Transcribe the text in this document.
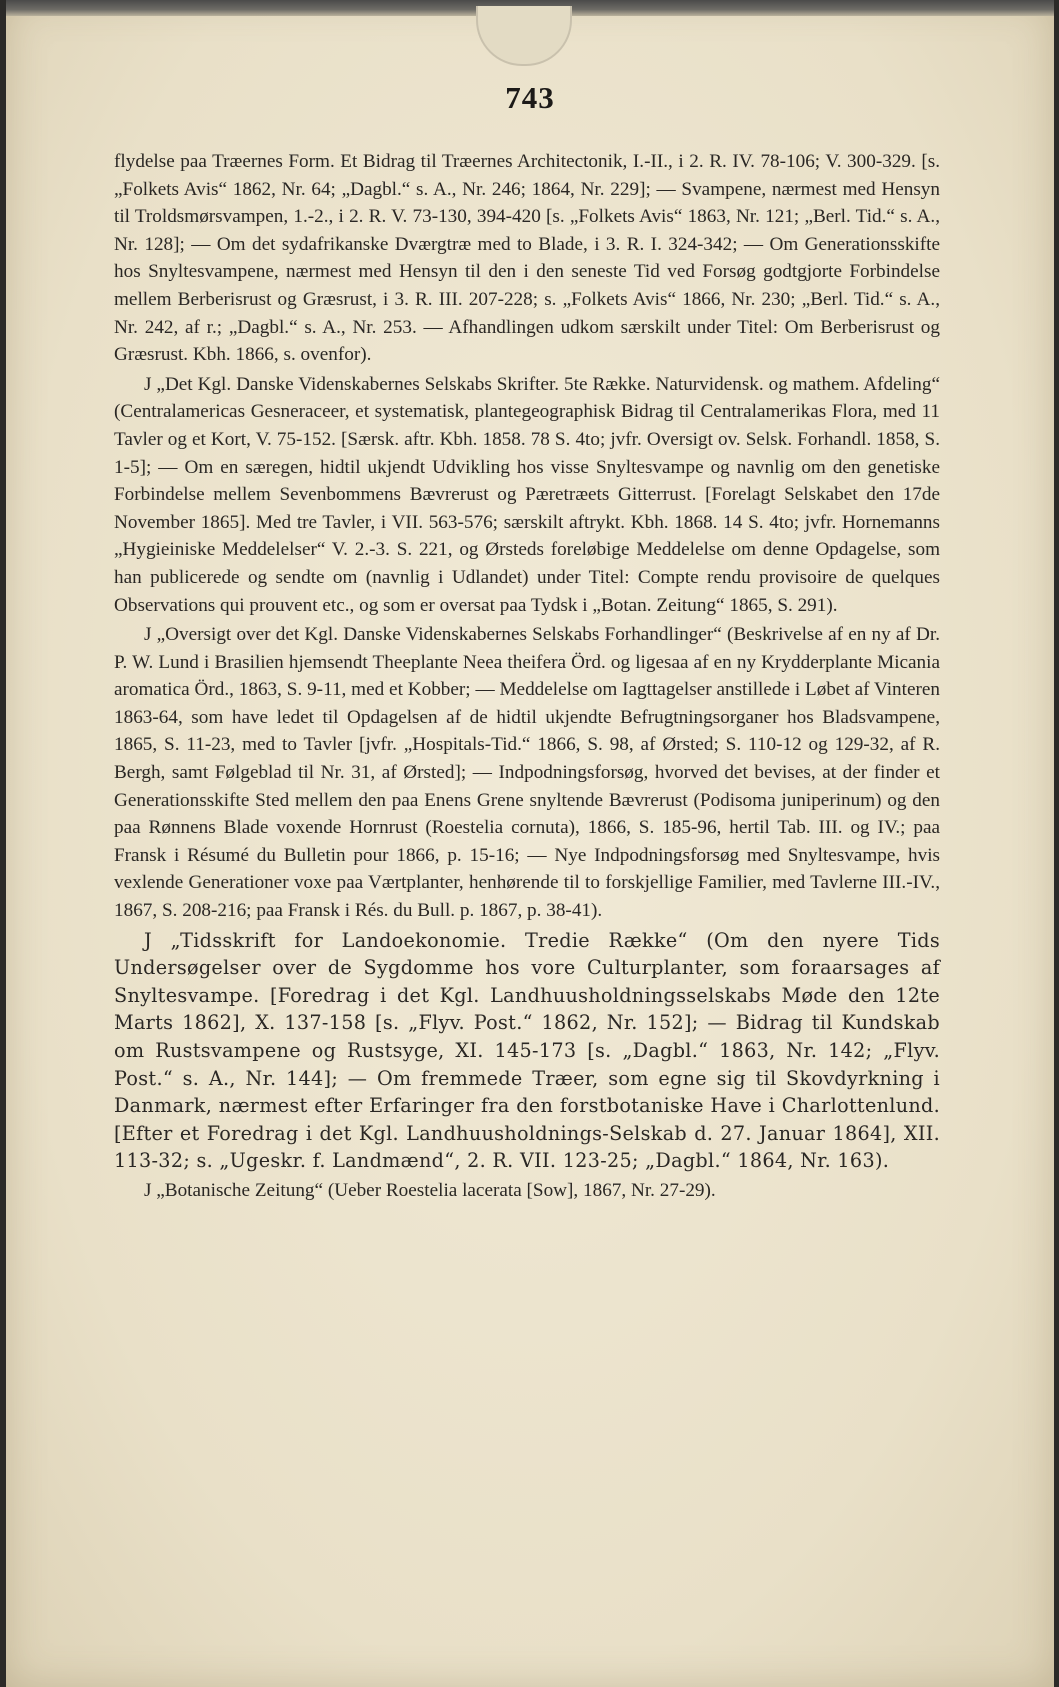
743

flydelse paa Træernes Form. Et Bidrag til Træernes Architectonik, I.-II., i 2. R. IV. 78-106; V. 300-329. [s. „Folkets Avis“ 1862, Nr. 64; „Dagbl.“ s. A., Nr. 246; 1864, Nr. 229]; — Svampene, nærmest med Hensyn til Troldsmørsvampen, 1.-2., i 2. R. V. 73-130, 394-420 [s. „Folkets Avis“ 1863, Nr. 121; „Berl. Tid.“ s. A., Nr. 128]; — Om det sydafrikanske Dværgtræ med to Blade, i 3. R. I. 324-342; — Om Generationsskifte hos Snyltesvampene, nærmest med Hensyn til den i den seneste Tid ved Forsøg godtgjorte Forbindelse mellem Berberisrust og Græsrust, i 3. R. III. 207-228; s. „Folkets Avis“ 1866, Nr. 230; „Berl. Tid.“ s. A., Nr. 242, af r.; „Dagbl.“ s. A., Nr. 253. — Afhandlingen udkom særskilt under Titel: Om Berberisrust og Græsrust. Kbh. 1866, s. ovenfor).

J „Det Kgl. Danske Videnskabernes Selskabs Skrifter. 5te Række. Naturvidensk. og mathem. Afdeling“ (Centralamericas Gesneraceer, et systematisk, plantegeographisk Bidrag til Centralamerikas Flora, med 11 Tavler og et Kort, V. 75-152. [Særsk. aftr. Kbh. 1858. 78 S. 4to; jvfr. Oversigt ov. Selsk. Forhandl. 1858, S. 1-5]; — Om en særegen, hidtil ukjendt Udvikling hos visse Snyltesvampe og navnlig om den genetiske Forbindelse mellem Sevenbommens Bævrerust og Pæretræets Gitterrust. [Forelagt Selskabet den 17de November 1865]. Med tre Tavler, i VII. 563-576; særskilt aftrykt. Kbh. 1868. 14 S. 4to; jvfr. Hornemanns „Hygieiniske Meddelelser“ V. 2.-3. S. 221, og Ørsteds foreløbige Meddelelse om denne Opdagelse, som han publicerede og sendte om (navnlig i Udlandet) under Titel: Compte rendu provisoire de quelques Observations qui prouvent etc., og som er oversat paa Tydsk i „Botan. Zeitung“ 1865, S. 291).

J „Oversigt over det Kgl. Danske Videnskabernes Selskabs Forhandlinger“ (Beskrivelse af en ny af Dr. P. W. Lund i Brasilien hjemsendt Theeplante Neea theifera Örd. og ligesaa af en ny Krydderplante Micania aromatica Örd., 1863, S. 9-11, med et Kobber; — Meddelelse om Iagttagelser anstillede i Løbet af Vinteren 1863-64, som have ledet til Opdagelsen af de hidtil ukjendte Befrugtningsorganer hos Bladsvampene, 1865, S. 11-23, med to Tavler [jvfr. „Hospitals-Tid.“ 1866, S. 98, af Ørsted; S. 110-12 og 129-32, af R. Bergh, samt Følgeblad til Nr. 31, af Ørsted]; — Indpodningsforsøg, hvorved det bevises, at der finder et Generationsskifte Sted mellem den paa Enens Grene snyltende Bævrerust (Podisoma juniperinum) og den paa Rønnens Blade voxende Hornrust (Roestelia cornuta), 1866, S. 185-96, hertil Tab. III. og IV.; paa Fransk i Résumé du Bulletin pour 1866, p. 15-16; — Nye Indpodningsforsøg med Snyltesvampe, hvis vexlende Generationer voxe paa Værtplanter, henhørende til to forskjellige Familier, med Tavlerne III.-IV., 1867, S. 208-216; paa Fransk i Rés. du Bull. p. 1867, p. 38-41).

J „Tidsskrift for Landoekonomie. Tredie Række“ (Om den nyere Tids Undersøgelser over de Sygdomme hos vore Culturplanter, som foraarsages af Snyltesvampe. [Foredrag i det Kgl. Landhuusholdningsselskabs Møde den 12te Marts 1862], X. 137-158 [s. „Flyv. Post.“ 1862, Nr. 152]; — Bidrag til Kundskab om Rustsvampene og Rustsyge, XI. 145-173 [s. „Dagbl.“ 1863, Nr. 142; „Flyv. Post.“ s. A., Nr. 144]; — Om fremmede Træer, som egne sig til Skovdyrkning i Danmark, nærmest efter Erfaringer fra den forstbotaniske Have i Charlottenlund. [Efter et Foredrag i det Kgl. Landhuusholdnings-Selskab d. 27. Januar 1864], XII. 113-32; s. „Ugeskr. f. Landmænd“, 2. R. VII. 123-25; „Dagbl.“ 1864, Nr. 163).

J „Botanische Zeitung“ (Ueber Roestelia lacerata [Sow], 1867, Nr. 27-29).
